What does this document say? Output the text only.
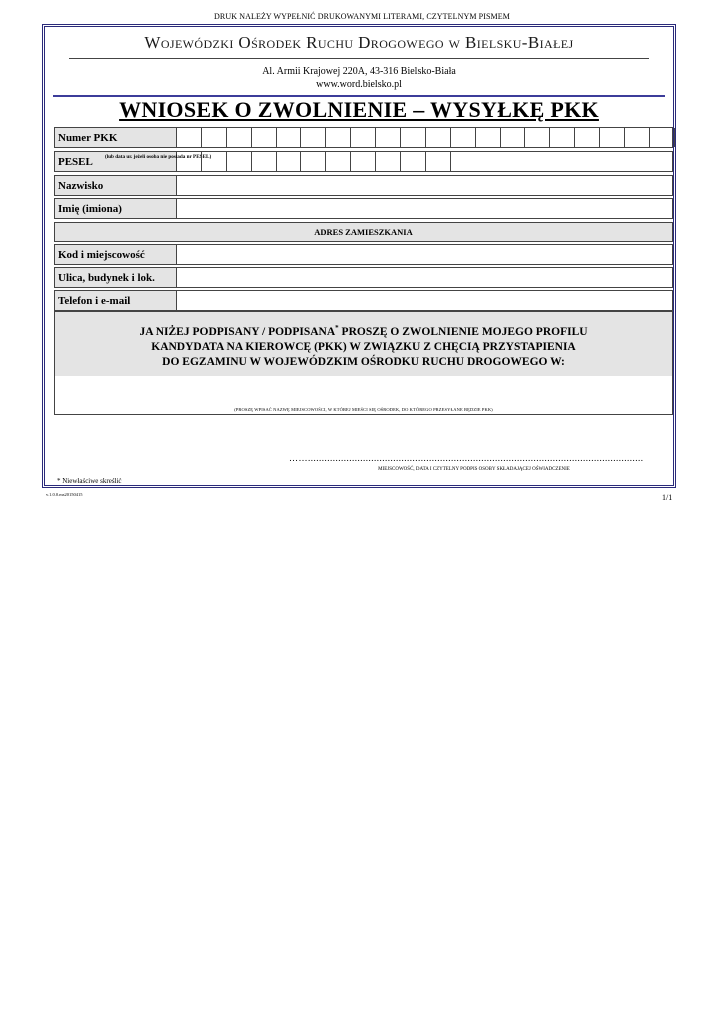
DRUK NALEŻY WYPEŁNIĆ DRUKOWANYMI LITERAMI, CZYTELNYM PISMEM
Wojewódzki Ośrodek Ruchu Drogowego w Bielsku-Białej
Al. Armii Krajowej 220A, 43-316 Bielsko-Biała
www.word.bielsko.pl
WNIOSEK O ZWOLNIENIE – WYSYŁKĘ PKK
Numer PKK
PESEL (lub data ur. jeżeli osoba nie posiada nr PESEL)
Nazwisko
Imię (imiona)
ADRES ZAMIESZKANIA
Kod i miejscowość
Ulica, budynek i lok.
Telefon i e-mail
JA NIŻEJ PODPISANY / PODPISANA* PROSZĘ O ZWOLNIENIE MOJEGO PROFILU
KANDYDATA NA KIEROWCĘ (PKK) W ZWIĄZKU Z CHĘCIĄ PRZYSTAPIENIA
DO EGZAMINU W WOJEWÓDZKIM OŚRODKU RUCHU DROGOWEGO W:
(PROSZĘ WPISAĆ NAZWĘ MIEJSCOWOŚCI, W KTÓREJ MIEŚCI SIĘ OŚRODEK, DO KTÓREGO PRZESYŁANE BĘDZIE PKK)
……..........................................................................................................................
MIEJSCOWOŚĆ, DATA I CZYTELNY PODPIS OSOBY SKŁADAJĄCEJ OŚWIADCZENIE
* Niewłaściwe skreślić
v.1.0.0.ms20150415	1/1
